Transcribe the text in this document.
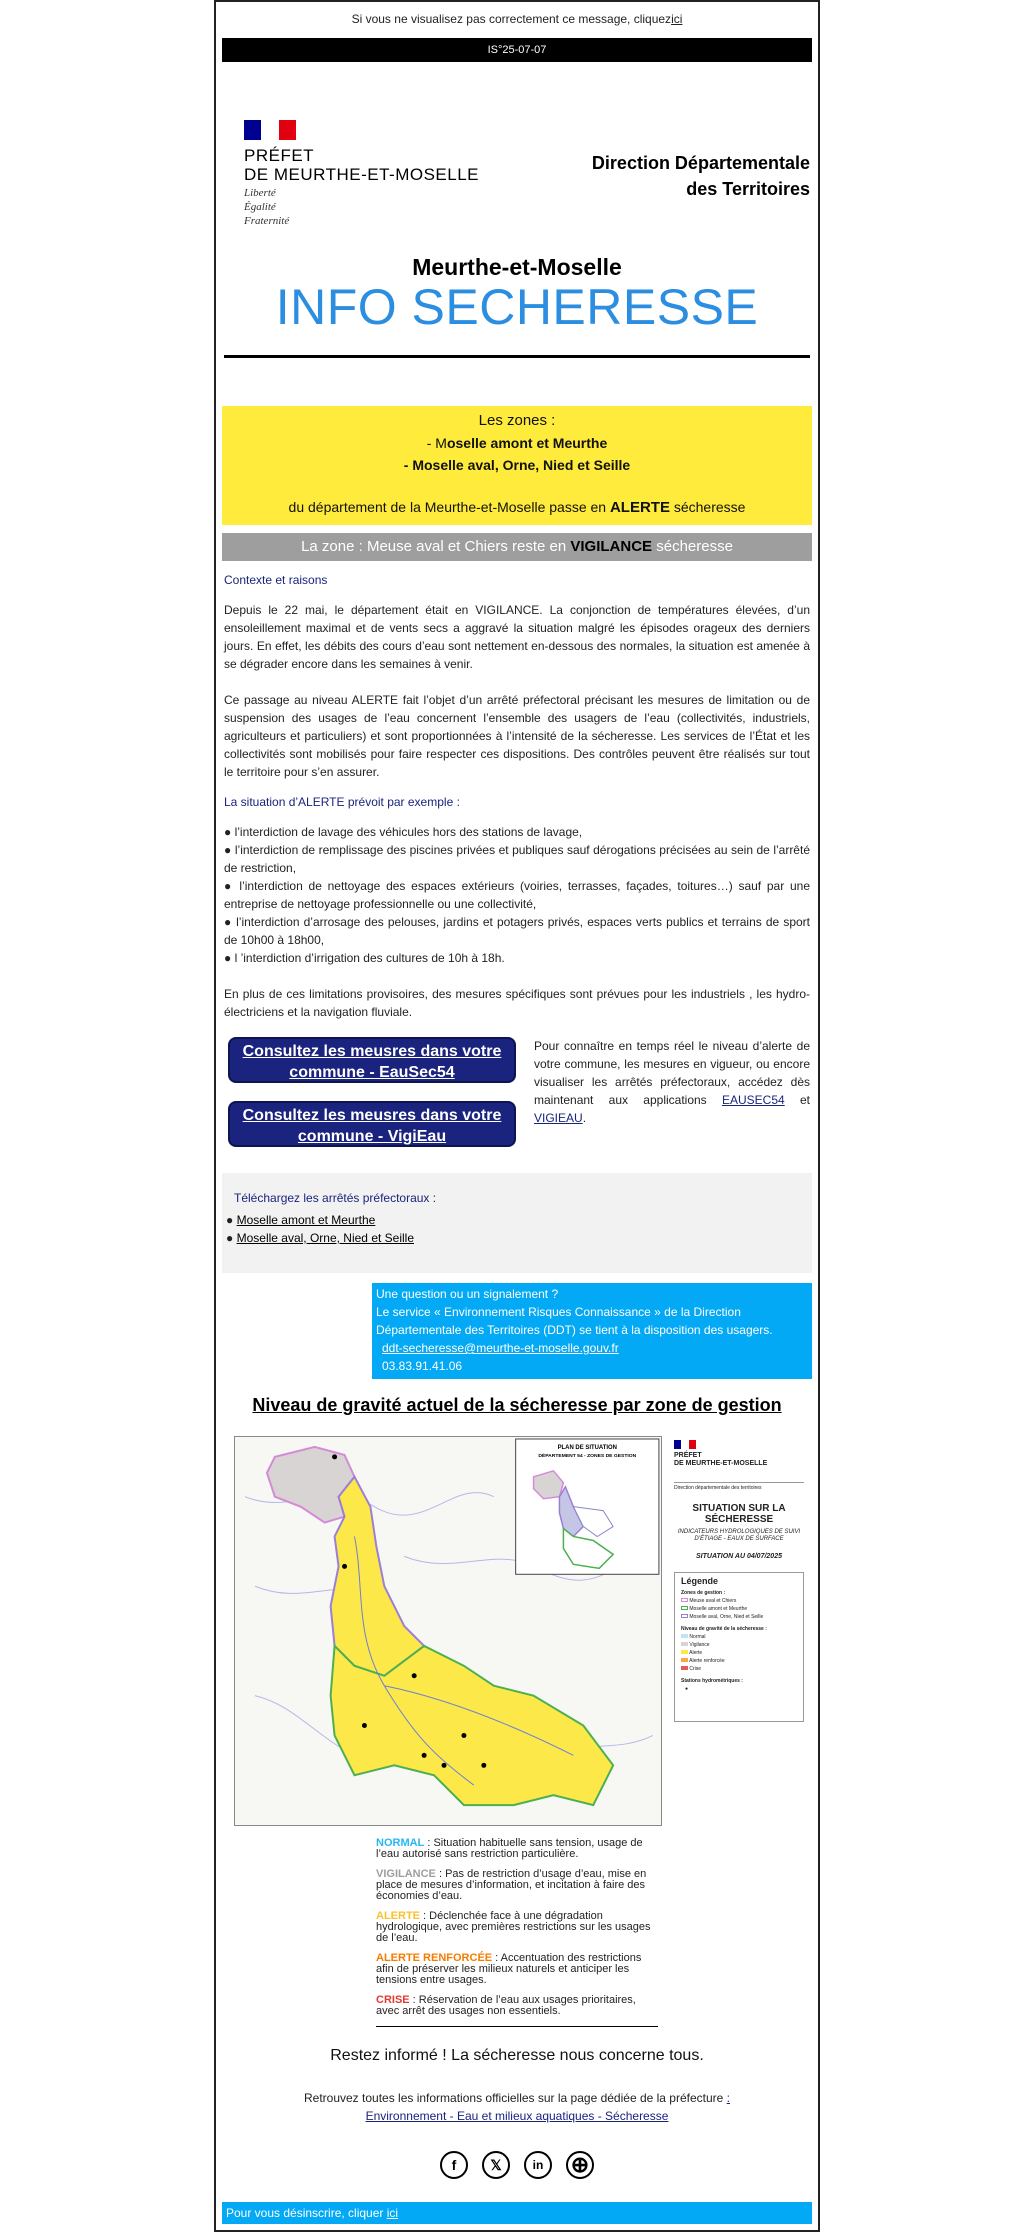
Si vous ne visualisez pas correctement ce message, cliquezici
IS°25-07-07
PRÉFET
DE MEURTHE-ET-MOSELLE
Liberté
Égalité
Fraternité
Direction Départementale
des Territoires
Meurthe-et-Moselle
INFO SECHERESSE
Les zones :
- Moselle amont et Meurthe
- Moselle aval, Orne, Nied et Seille
du département de la Meurthe-et-Moselle passe en ALERTE sécheresse
La zone : Meuse aval et Chiers reste en VIGILANCE sécheresse
Contexte et raisons
Depuis le 22 mai, le département était en VIGILANCE. La conjonction de températures élevées, d’un ensoleillement maximal et de vents secs a aggravé la situation malgré les épisodes orageux des derniers jours. En effet, les débits des cours d’eau sont nettement en-dessous des normales, la situation est amenée à se dégrader encore dans les semaines à venir.
Ce passage au niveau ALERTE fait l’objet d’un arrêté préfectoral précisant les mesures de limitation ou de suspension des usages de l’eau concernent l’ensemble des usagers de l’eau (collectivités, industriels, agriculteurs et particuliers) et sont proportionnées à l’intensité de la sécheresse. Les services de l’État et les collectivités sont mobilisés pour faire respecter ces dispositions. Des contrôles peuvent être réalisés sur tout le territoire pour s’en assurer.
La situation d’ALERTE prévoit par exemple :
● l’interdiction de lavage des véhicules hors des stations de lavage,
● l’interdiction de remplissage des piscines privées et publiques sauf dérogations précisées au sein de l’arrêté de restriction,
● l’interdiction de nettoyage des espaces extérieurs (voiries, terrasses, façades, toitures…) sauf par une entreprise de nettoyage professionnelle ou une collectivité,
● l’interdiction d’arrosage des pelouses, jardins et potagers privés, espaces verts publics et terrains de sport de 10h00 à 18h00,
● l ’interdiction d’irrigation des cultures de 10h à 18h.
En plus de ces limitations provisoires, des mesures spécifiques sont prévues pour les industriels , les hydro-électriciens et la navigation fluviale.
Consultez les meusres dans votre commune - EauSec54
Consultez les meusres dans votre commune - VigiEau
Pour connaître en temps réel le niveau d’alerte de votre commune, les mesures en vigueur, ou encore visualiser les arrêtés préfectoraux, accédez dès maintenant aux applications EAUSEC54 et VIGIEAU.
Téléchargez les arrêtés préfectoraux :
● Moselle amont et Meurthe
● Moselle aval, Orne, Nied et Seille
Une question ou un signalement ?
Le service « Environnement Risques Connaissance » de la Direction Départementale des Territoires (DDT) se tient à la disposition des usagers.
ddt-secheresse@meurthe-et-moselle.gouv.fr
03.83.91.41.06
Niveau de gravité actuel de la sécheresse par zone de gestion
PLAN DE SITUATION
DÉPARTEMENT 54 - ZONES DE GESTION	PRÉFET
DE MEURTHE-ET-MOSELLE
Direction départementale des territoires
SITUATION SUR LA
SÉCHERESSE
INDICATEURS HYDROLOGIQUES DE SUIVI D’ÉTIAGE - EAUX DE SURFACE
SITUATION AU 04/07/2025
Légende
Zones de gestion :
Meuse aval et Chiers
Moselle amont et Meurthe
Moselle aval, Orne, Nied et Seille
Niveau de gravité de la sécheresse :
Normal
Vigilance
Alerte
Alerte renforcée
Crise
Stations hydrométriques :
●

NORMAL : Situation habituelle sans tension, usage de l’eau autorisé sans restriction particulière.

VIGILANCE : Pas de restriction d’usage d’eau, mise en place de mesures d’information, et incitation à faire des économies d’eau.

ALERTE : Déclenchée face à une dégradation hydrologique, avec premières restrictions sur les usages de l’eau.

ALERTE RENFORCÉE : Accentuation des restrictions afin de préserver les milieux naturels et anticiper les tensions entre usages.

CRISE : Réservation de l’eau aux usages prioritaires, avec arrêt des usages non essentiels.

Restez informé ! La sécheresse nous concerne tous.
Retrouvez toutes les informations officielles sur la page dédiée de la préfecture :
Environnement - Eau et milieux aquatiques - Sécheresse
f	𝕏	in	⊕
Pour vous désinscrire, cliquer ici
